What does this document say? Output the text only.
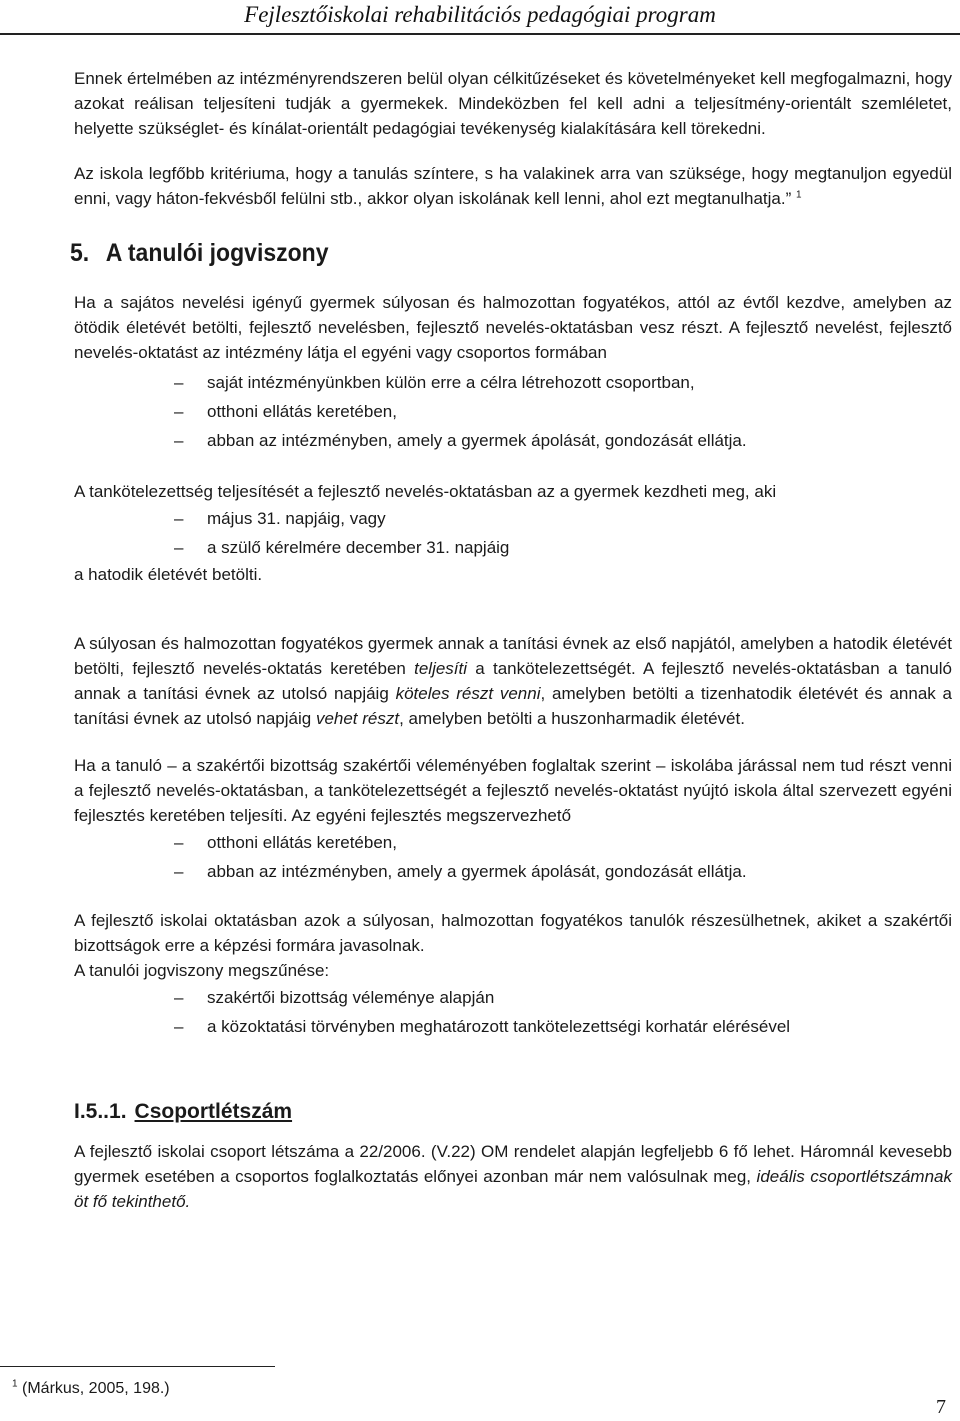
Fejlesztőiskolai rehabilitációs pedagógiai program

Ennek értelmében az intézményrendszeren belül olyan célkitűzéseket és követelményeket kell megfogalmazni, hogy azokat reálisan teljesíteni tudják a gyermekek. Mindeközben fel kell adni a teljesítmény-orientált szemléletet, helyette szükséglet- és kínálat-orientált pedagógiai tevékenység kialakítására kell törekedni.

Az iskola legfőbb kritériuma, hogy a tanulás színtere, s ha valakinek arra van szüksége, hogy megtanuljon egyedül enni, vagy háton-fekvésből felülni stb., akkor olyan iskolának kell lenni, ahol ezt megtanulhatja.” $^1$

5. A tanulói jogviszony

Ha a sajátos nevelési igényű gyermek súlyosan és halmozottan fogyatékos, attól az évtől kezdve, amelyben az ötödik életévét betölti, fejlesztő nevelésben, fejlesztő nevelés-oktatásban vesz részt. A fejlesztő nevelést, fejlesztő nevelés-oktatást az intézmény látja el egyéni vagy csoportos formában

– saját intézményünkben külön erre a célra létrehozott csoportban,
– otthoni ellátás keretében,
– abban az intézményben, amely a gyermek ápolását, gondozását ellátja.

A tankötelezettség teljesítését a fejlesztő nevelés-oktatásban az a gyermek kezdheti meg, aki

– május 31. napjáig, vagy
– a szülő kérelmére december 31. napjáig

a hatodik életévét betölti.

A súlyosan és halmozottan fogyatékos gyermek annak a tanítási évnek az első napjától, amelyben a hatodik életévét betölti, fejlesztő nevelés-oktatás keretében teljesíti a tankötelezettségét. A fejlesztő nevelés-oktatásban a tanuló annak a tanítási évnek az utolsó napjáig köteles részt venni, amelyben betölti a tizenhatodik életévét és annak a tanítási évnek az utolsó napjáig vehet részt, amelyben betölti a huszonharmadik életévét.

Ha a tanuló – a szakértői bizottság szakértői véleményében foglaltak szerint – iskolába járással nem tud részt venni a fejlesztő nevelés-oktatásban, a tankötelezettségét a fejlesztő nevelés-oktatást nyújtó iskola által szervezett egyéni fejlesztés keretében teljesíti. Az egyéni fejlesztés megszervezhető

– otthoni ellátás keretében,
– abban az intézményben, amely a gyermek ápolását, gondozását ellátja.

A fejlesztő iskolai oktatásban azok a súlyosan, halmozottan fogyatékos tanulók részesülhetnek, akiket a szakértői bizottságok erre a képzési formára javasolnak.

A tanulói jogviszony megszűnése:

– szakértői bizottság véleménye alapján
– a közoktatási törvényben meghatározott tankötelezettségi korhatár elérésével
I.5..1. Csoportlétszám

A fejlesztő iskolai csoport létszáma a 22/2006. (V.22) OM rendelet alapján legfeljebb 6 fő lehet. Háromnál kevesebb gyermek esetében a csoportos foglalkoztatás előnyei azonban már nem valósulnak meg, ideális csoportlétszámnak öt fő tekinthető.

$^1$ (Márkus, 2005, 198.)
7
